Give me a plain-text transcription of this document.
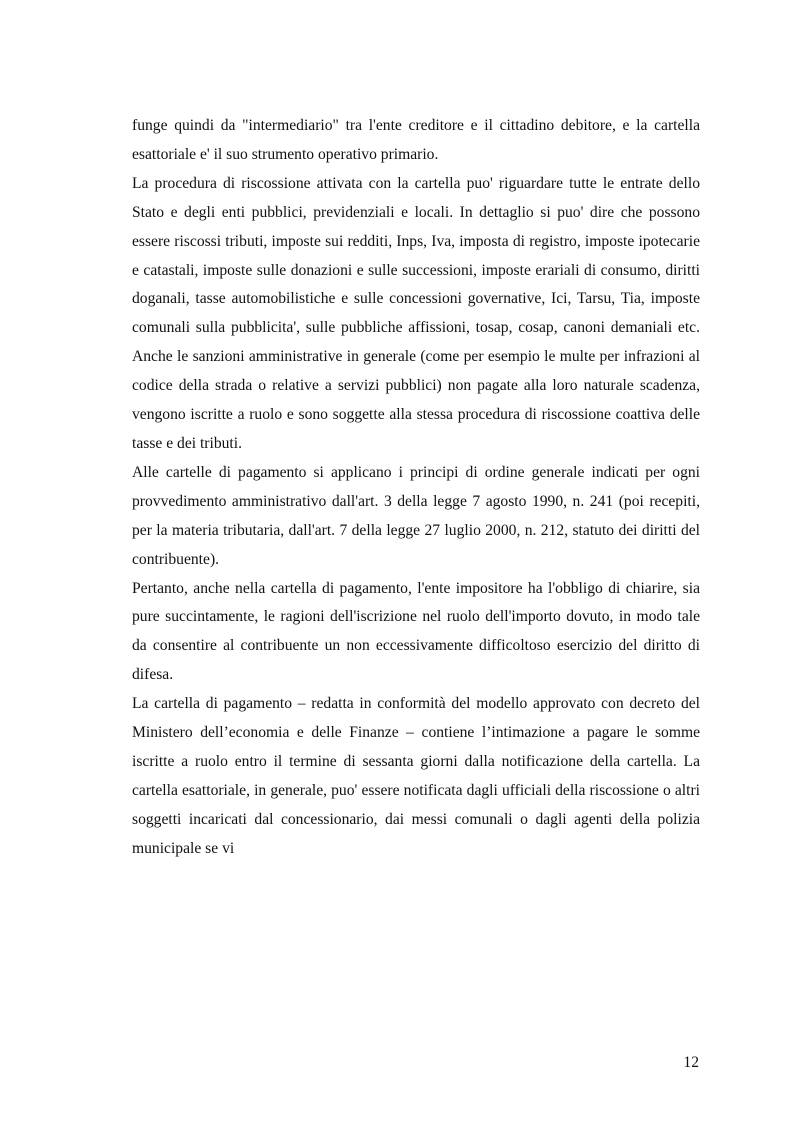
funge quindi da "intermediario" tra l'ente creditore e il cittadino debitore, e la cartella esattoriale e' il suo strumento operativo primario.

La procedura di riscossione attivata con la cartella puo' riguardare tutte le entrate dello Stato e degli enti pubblici, previdenziali e locali. In dettaglio si puo' dire che possono essere riscossi tributi, imposte sui redditi, Inps, Iva, imposta di registro, imposte ipotecarie e catastali, imposte sulle donazioni e sulle successioni, imposte erariali di consumo, diritti doganali, tasse automobilistiche e sulle concessioni governative, Ici, Tarsu, Tia, imposte comunali sulla pubblicita', sulle pubbliche affissioni, tosap, cosap, canoni demaniali etc. Anche le sanzioni amministrative in generale (come per esempio le multe per infrazioni al codice della strada o relative a servizi pubblici) non pagate alla loro naturale scadenza, vengono iscritte a ruolo e sono soggette alla stessa procedura di riscossione coattiva delle tasse e dei tributi.

Alle cartelle di pagamento si applicano i principi di ordine generale indicati per ogni provvedimento amministrativo dall'art. 3 della legge 7 agosto 1990, n. 241 (poi recepiti, per la materia tributaria, dall'art. 7 della legge 27 luglio 2000, n. 212, statuto dei diritti del contribuente).

Pertanto, anche nella cartella di pagamento, l'ente impositore ha l'obbligo di chiarire, sia pure succintamente, le ragioni dell'iscrizione nel ruolo dell'importo dovuto, in modo tale da consentire al contribuente un non eccessivamente difficoltoso esercizio del diritto di difesa.

La cartella di pagamento – redatta in conformità del modello approvato con decreto del Ministero dell’economia e delle Finanze – contiene l’intimazione a pagare le somme iscritte a ruolo entro il termine di sessanta giorni dalla notificazione della cartella. La cartella esattoriale, in generale, puo' essere notificata dagli ufficiali della riscossione o altri soggetti incaricati dal concessionario, dai messi comunali o dagli agenti della polizia municipale se vi

12
